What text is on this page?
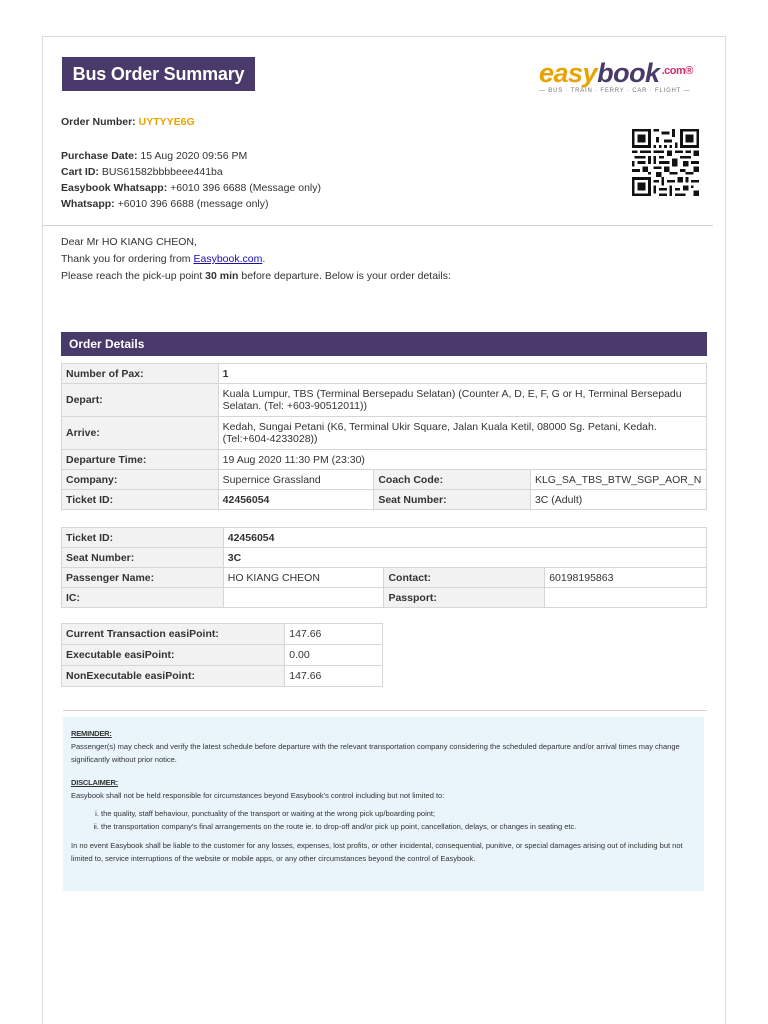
Bus Order Summary	easybook $^{.com®}$
— BUS · TRAIN · FERRY · CAR · FLIGHT —
Order Number: UYTYYE6G
Purchase Date: 15 Aug 2020 09:56 PM
Cart ID: BUS61582bbbbeee441ba
Easybook Whatsapp: +6010 396 6688 (Message only)
Whatsapp: +6010 396 6688 (message only)
Dear Mr HO KIANG CHEON,
Thank you for ordering from Easybook.com.
Please reach the pick-up point 30 min before departure. Below is your order details:
Order Details
Number of Pax:	1		
Depart:	Kuala Lumpur, TBS (Terminal Bersepadu Selatan) (Counter A, D, E, F, G or H, Terminal Bersepadu Selatan. (Tel: +603-90512011))		
Arrive:	Kedah, Sungai Petani (K6, Terminal Ukir Square, Jalan Kuala Ketil, 08000 Sg. Petani, Kedah. (Tel:+604-4233028))		
Departure Time:	19 Aug 2020 11:30 PM (23:30)		
Company:	Supernice Grassland	Coach Code:	KLG_SA_TBS_BTW_SGP_AOR_N
Ticket ID:	42456054	Seat Number:	3C (Adult)
Ticket ID:	42456054		
Seat Number:	3C		
Passenger Name:	HO KIANG CHEON	Contact:	60198195863
IC:		Passport:	
Current Transaction easiPoint:	147.66
Executable easiPoint:	0.00
NonExecutable easiPoint:	147.66

REMINDER:

Passenger(s) may check and verify the latest schedule before departure with the relevant transportation company considering the scheduled departure and/or arrival times may change significantly without prior notice.

DISCLAIMER:

Easybook shall not be held responsible for circumstances beyond Easybook's control including but not limited to:

i. the quality, staff behaviour, punctuality of the transport or waiting at the wrong pick up/boarding point;
ii. the transportation company's final arrangements on the route ie. to drop-off and/or pick up point, cancellation, delays, or changes in seating etc.

In no event Easybook shall be liable to the customer for any losses, expenses, lost profits, or other incidental, consequential, punitive, or special damages arising out of including but not limited to, service interruptions of the website or mobile apps, or any other circumstances beyond the control of Easybook.
